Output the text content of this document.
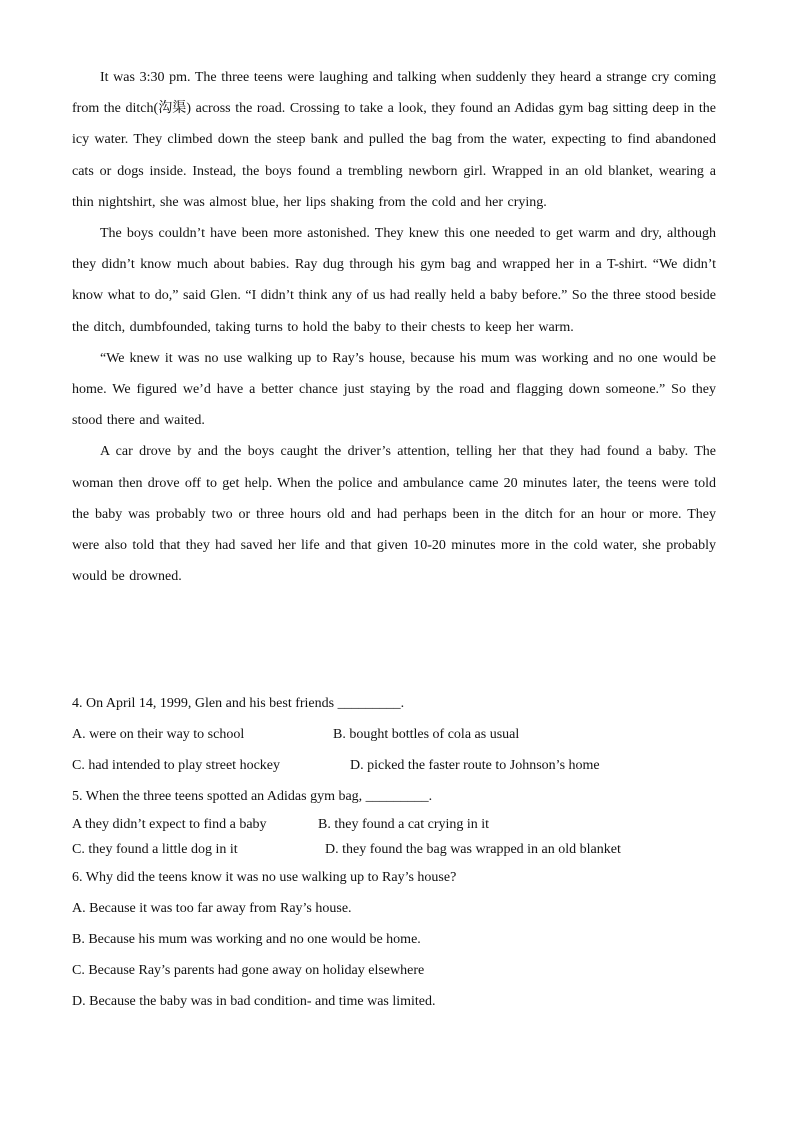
It was 3:30 pm. The three teens were laughing and talking when suddenly they heard a strange cry coming from the ditch(沟渠) across the road. Crossing to take a look, they found an Adidas gym bag sitting deep in the icy water. They climbed down the steep bank and pulled the bag from the water, expecting to find abandoned cats or dogs inside. Instead, the boys found a trembling newborn girl. Wrapped in an old blanket, wearing a thin nightshirt, she was almost blue, her lips shaking from the cold and her crying.

The boys couldn’t have been more astonished. They knew this one needed to get warm and dry, although they didn’t know much about babies. Ray dug through his gym bag and wrapped her in a T-shirt. “We didn’t know what to do,” said Glen. “I didn’t think any of us had really held a baby before.” So the three stood beside the ditch, dumbfounded, taking turns to hold the baby to their chests to keep her warm.

“We knew it was no use walking up to Ray’s house, because his mum was working and no one would be home. We figured we’d have a better chance just staying by the road and flagging down someone.” So they stood there and waited.

A car drove by and the boys caught the driver’s attention, telling her that they had found a baby. The woman then drove off to get help. When the police and ambulance came 20 minutes later, the teens were told the baby was probably two or three hours old and had perhaps been in the ditch for an hour or more. They were also told that they had saved her life and that given 10-20 minutes more in the cold water, she probably would be drowned.

4. On April 14, 1999, Glen and his best friends _________.
A. were on their way to school	B. bought bottles of cola as usual
C. had intended to play street hockey	D. picked the faster route to Johnson’s home
5. When the three teens spotted an Adidas gym bag, _________.
A they didn’t expect to find a baby	B. they found a cat crying in it
C. they found a little dog in it	D. they found the bag was wrapped in an old blanket
6. Why did the teens know it was no use walking up to Ray’s house?
A. Because it was too far away from Ray’s house.
B. Because his mum was working and no one would be home.
C. Because Ray’s parents had gone away on holiday elsewhere
D. Because the baby was in bad condition- and time was limited.
